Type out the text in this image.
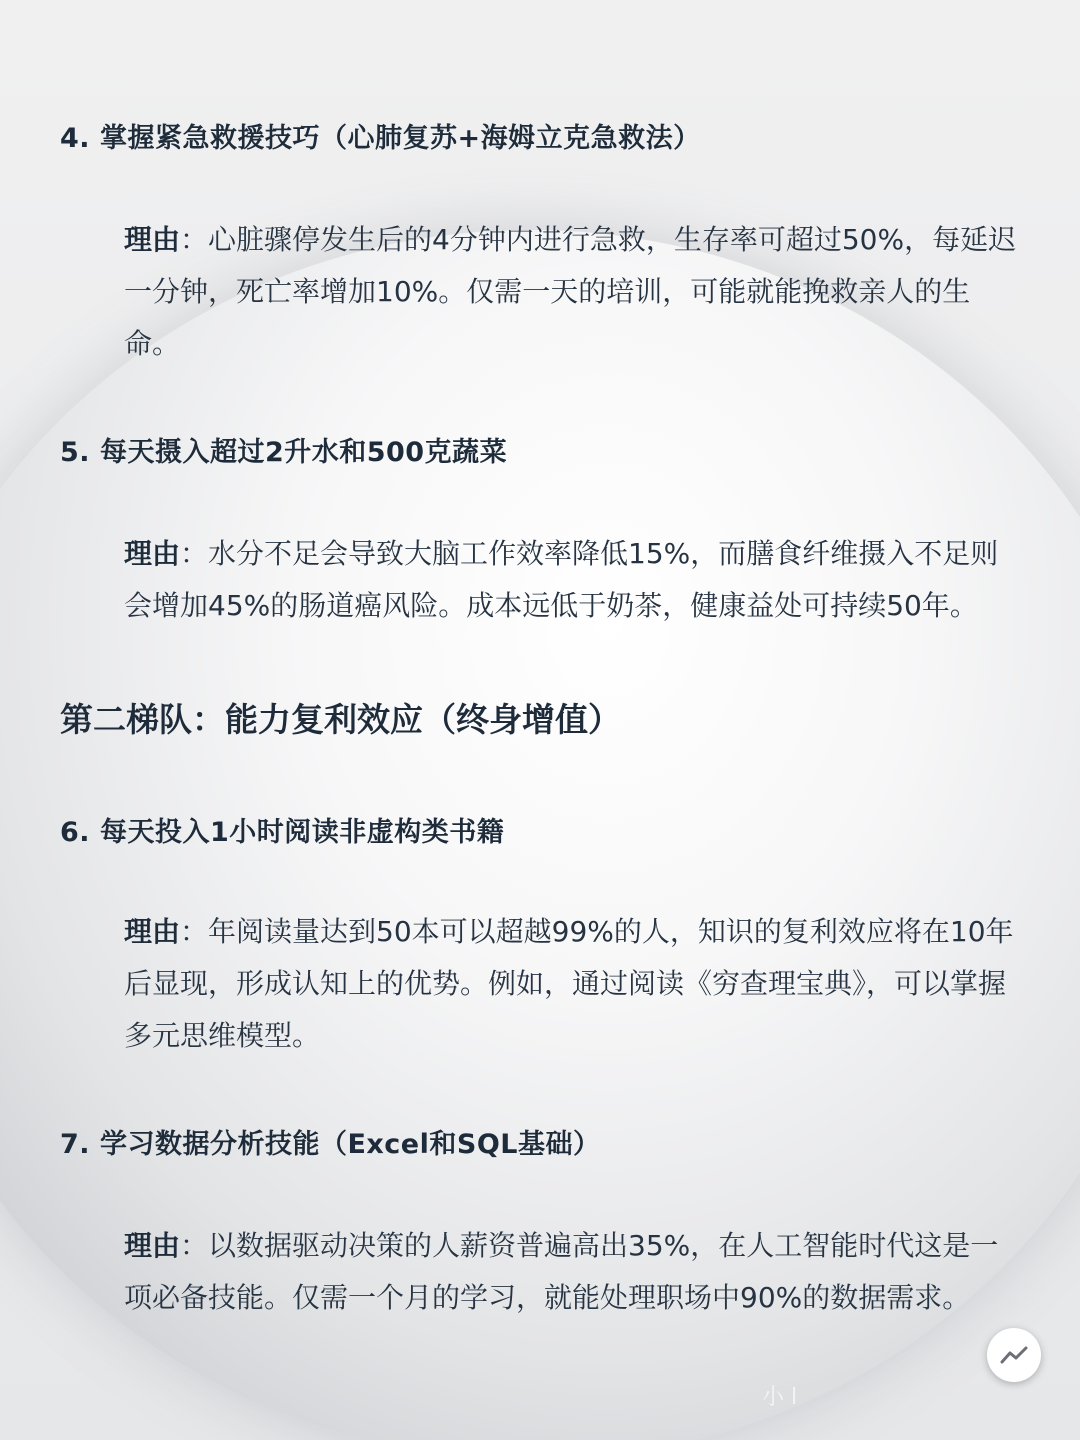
4. 掌握紧急救援技巧（心肺复苏+海姆立克急救法）

理由：心脏骤停发生后的4分钟内进行急救，生存率可超过50%，每延迟一分钟，死亡率增加10%。仅需一天的培训，可能就能挽救亲人的生命。

5. 每天摄入超过2升水和500克蔬菜

理由：水分不足会导致大脑工作效率降低15%，而膳食纤维摄入不足则会增加45%的肠道癌风险。成本远低于奶茶，健康益处可持续50年。

第二梯队：能力复利效应（终身增值）
6. 每天投入1小时阅读非虚构类书籍

理由：年阅读量达到50本可以超越99%的人，知识的复利效应将在10年后显现，形成认知上的优势。例如，通过阅读《穷查理宝典》，可以掌握多元思维模型。

7. 学习数据分析技能（Excel和SQL基础）

理由：以数据驱动决策的人薪资普遍高出35%，在人工智能时代这是一项必备技能。仅需一个月的学习，就能处理职场中90%的数据需求。

小 l
